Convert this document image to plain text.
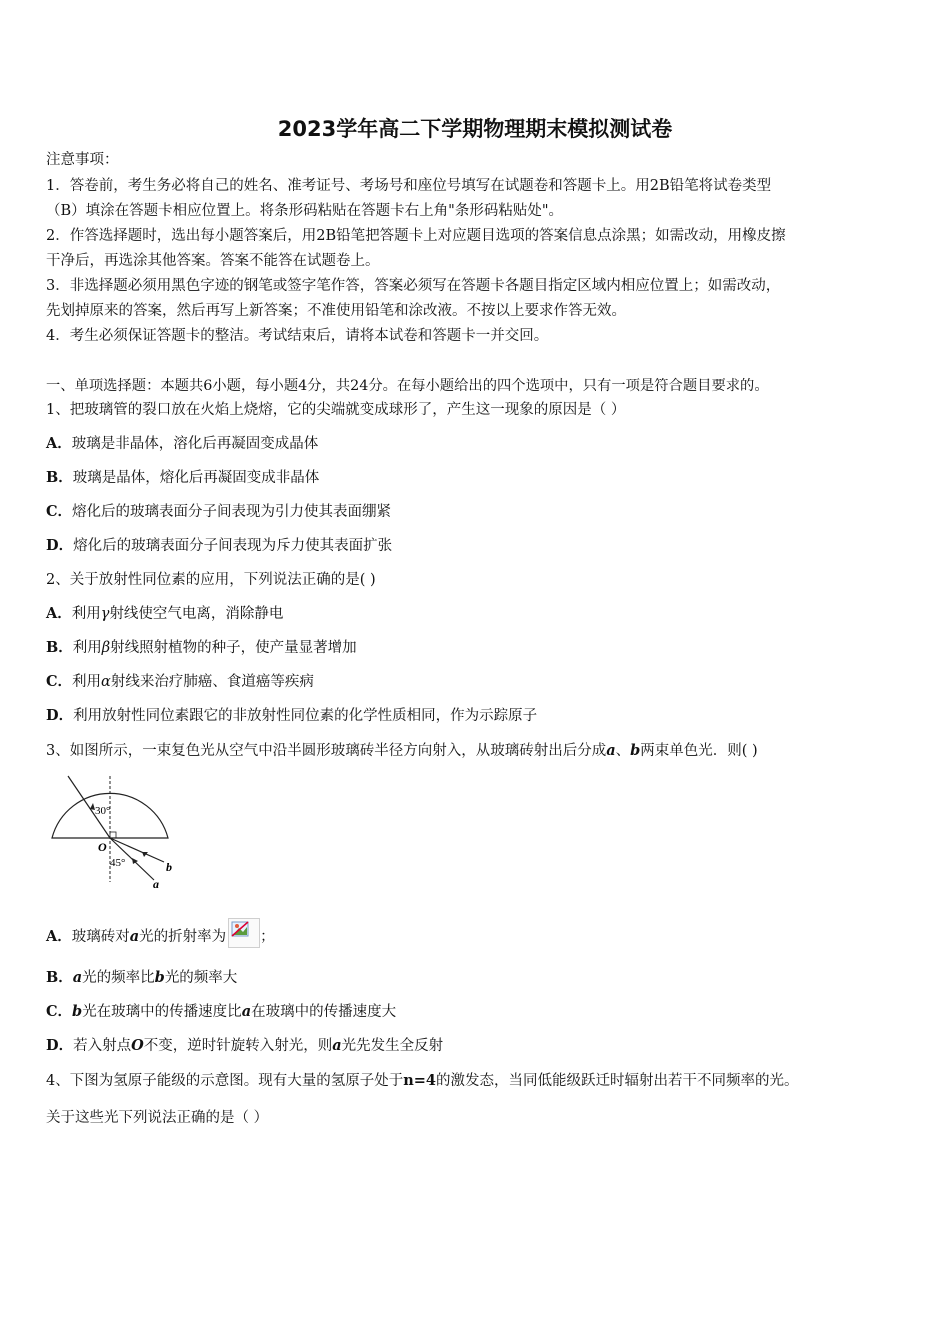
2023学年高二下学期物理期末模拟测试卷
注意事项：
1．答卷前，考生务必将自己的姓名、准考证号、考场号和座位号填写在试题卷和答题卡上。用2B铅笔将试卷类型
（B）填涂在答题卡相应位置上。将条形码粘贴在答题卡右上角"条形码粘贴处"。
2．作答选择题时，选出每小题答案后，用2B铅笔把答题卡上对应题目选项的答案信息点涂黑；如需改动，用橡皮擦
干净后，再选涂其他答案。答案不能答在试题卷上。
3．非选择题必须用黑色字迹的钢笔或签字笔作答，答案必须写在答题卡各题目指定区域内相应位置上；如需改动，
先划掉原来的答案，然后再写上新答案；不准使用铅笔和涂改液。不按以上要求作答无效。
4．考生必须保证答题卡的整洁。考试结束后，请将本试卷和答题卡一并交回。
一、单项选择题：本题共6小题，每小题4分，共24分。在每小题给出的四个选项中，只有一项是符合题目要求的。
1、把玻璃管的裂口放在火焰上烧熔，它的尖端就变成球形了，产生这一现象的原因是（ ）
A．玻璃是非晶体，溶化后再凝固变成晶体
B．玻璃是晶体，熔化后再凝固变成非晶体
C．熔化后的玻璃表面分子间表现为引力使其表面绷紧
D．熔化后的玻璃表面分子间表现为斥力使其表面扩张
2、关于放射性同位素的应用，下列说法正确的是( )
A．利用γ射线使空气电离，消除静电
B．利用β射线照射植物的种子，使产量显著增加
C．利用α射线来治疗肺癌、食道癌等疾病
D．利用放射性同位素跟它的非放射性同位素的化学性质相同，作为示踪原子
3、如图所示，一束复色光从空气中沿半圆形玻璃砖半径方向射入，从玻璃砖射出后分成a、b两束单色光．则( )
30°
45°
O
b
a
A．玻璃砖对a光的折射率为 ；
B．a光的频率比b光的频率大
C．b光在玻璃中的传播速度比a在玻璃中的传播速度大
D．若入射点O不变，逆时针旋转入射光，则a光先发生全反射
4、下图为氢原子能级的示意图。现有大量的氢原子处于n=4的激发态，当同低能级跃迁时辐射出若干不同频率的光。
关于这些光下列说法正确的是（ ）
